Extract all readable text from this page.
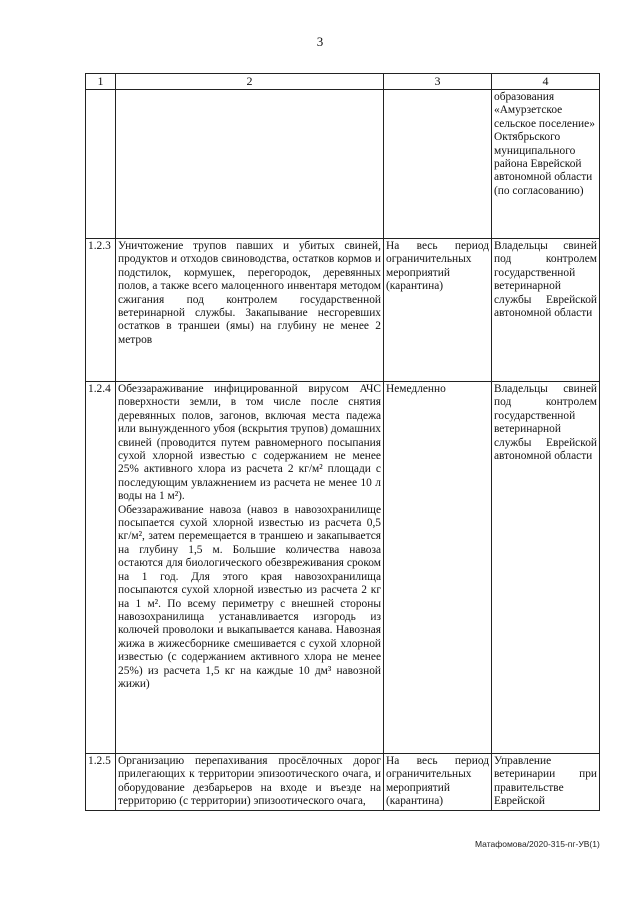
3
1	2	3	4
			образования «Амурзетское сельское поселение» Октябрьского муниципального района Еврейской автономной области (по согласованию)
1.2.3	Уничтожение трупов павших и убитых свиней, продуктов и отходов свиноводства, остатков кормов и подстилок, кормушек, перегородок, деревянных полов, а также всего малоценного инвентаря методом сжигания под контролем государственной ветеринарной службы. Закапывание несгоревших остатков в траншеи (ямы) на глубину не менее 2 метров	На весь период ограничительных мероприятий (карантина)	Владельцы свиней под контролем государственной ветеринарной службы Еврейской автономной области
1.2.4	Обеззараживание инфицированной вирусом АЧС поверхности земли, в том числе после снятия деревянных полов, загонов, включая места падежа или вынужденного убоя (вскрытия трупов) домашних свиней (проводится путем равномерного посыпания сухой хлорной известью с содержанием не менее 25% активного хлора из расчета 2 кг/м² площади с последующим увлажнением из расчета не менее 10 л воды на 1 м²).
Обеззараживание навоза (навоз в навозохранилище посыпается сухой хлорной известью из расчета 0,5 кг/м², затем перемещается в траншею и закапывается на глубину 1,5 м. Большие количества навоза остаются для биологического обезвреживания сроком на 1 год. Для этого края навозохранилища посыпаются сухой хлорной известью из расчета 2 кг на 1 м². По всему периметру с внешней стороны навозохранилища устанавливается изгородь из колючей проволоки и выкапывается канава. Навозная жижа в жижесборнике смешивается с сухой хлорной известью (с содержанием активного хлора не менее 25%) из расчета 1,5 кг на каждые 10 дм³ навозной жижи)	Немедленно	Владельцы свиней под контролем государственной ветеринарной службы Еврейской автономной области
1.2.5	Организацию перепахивания просёлочных дорог прилегающих к территории эпизоотического очага, и оборудование дезбарьеров на входе и въезде на территорию (с территории) эпизоотического очага,	На весь период ограничительных мероприятий (карантина)	Управление ветеринарии при правительстве Еврейской
Матафомова/2020-315-пг-УВ(1)
